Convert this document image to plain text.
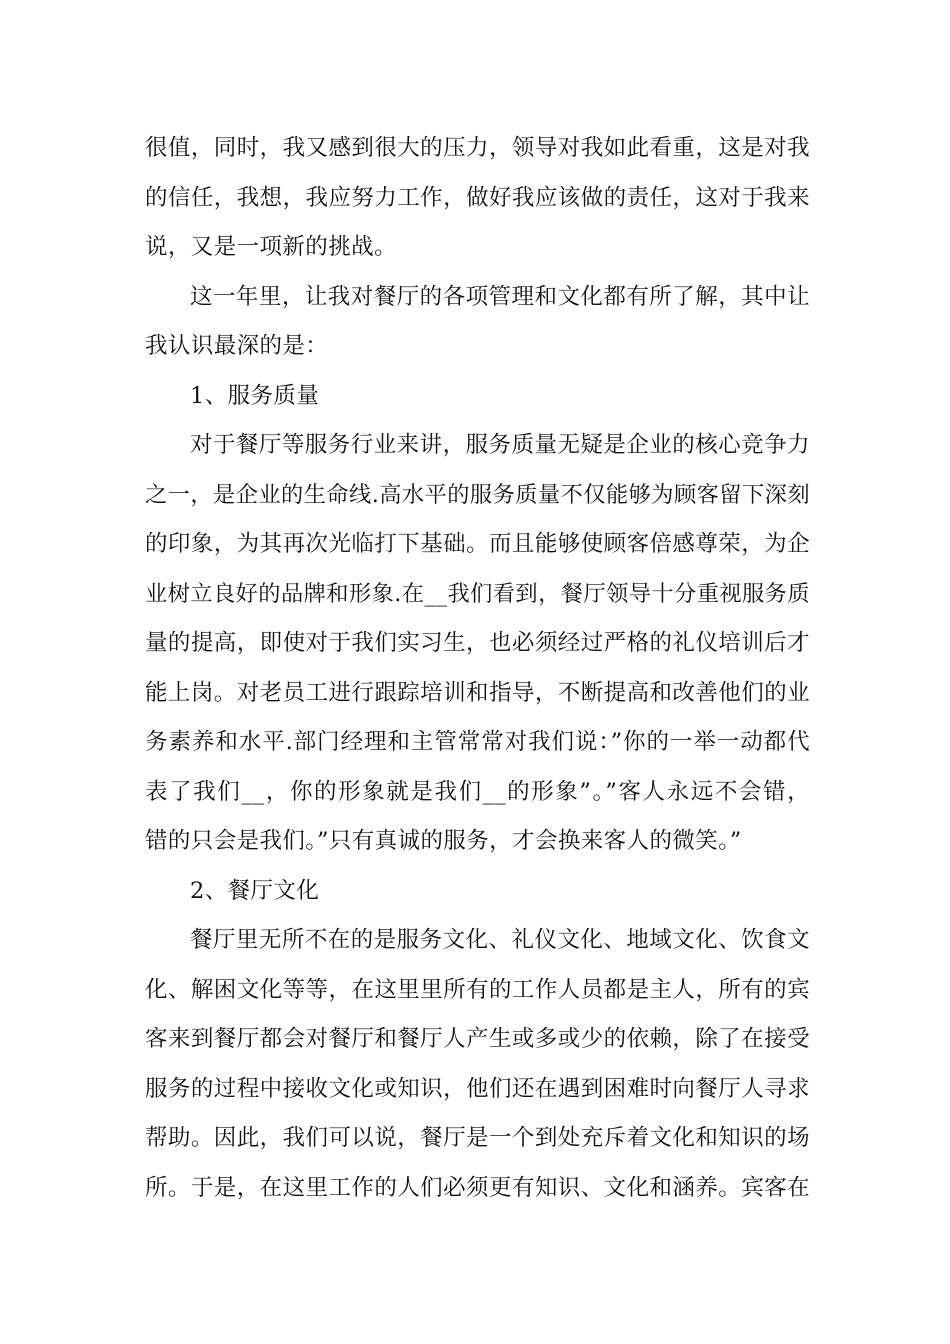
很值，同时，我又感到很大的压力，领导对我如此看重，这是对我
的信任，我想，我应努力工作，做好我应该做的责任，这对于我来
说，又是一项新的挑战。
这一年里，让我对餐厅的各项管理和文化都有所了解，其中让
我认识最深的是：
1、服务质量
对于餐厅等服务行业来讲，服务质量无疑是企业的核心竞争力
之一，是企业的生命线.高水平的服务质量不仅能够为顾客留下深刻
的印象，为其再次光临打下基础。而且能够使顾客倍感尊荣，为企
业树立良好的品牌和形象.在__我们看到，餐厅领导十分重视服务质
量的提高，即使对于我们实习生，也必须经过严格的礼仪培训后才
能上岗。对老员工进行跟踪培训和指导，不断提高和改善他们的业
务素养和水平.部门经理和主管常常对我们说：”你的一举一动都代
表了我们__，你的形象就是我们__的形象”。”客人永远不会错，
错的只会是我们。”只有真诚的服务，才会换来客人的微笑。”
2、餐厅文化
餐厅里无所不在的是服务文化、礼仪文化、地域文化、饮食文
化、解困文化等等，在这里里所有的工作人员都是主人，所有的宾
客来到餐厅都会对餐厅和餐厅人产生或多或少的依赖，除了在接受
服务的过程中接收文化或知识，他们还在遇到困难时向餐厅人寻求
帮助。因此，我们可以说，餐厅是一个到处充斥着文化和知识的场
所。于是，在这里工作的人们必须更有知识、文化和涵养。宾客在
